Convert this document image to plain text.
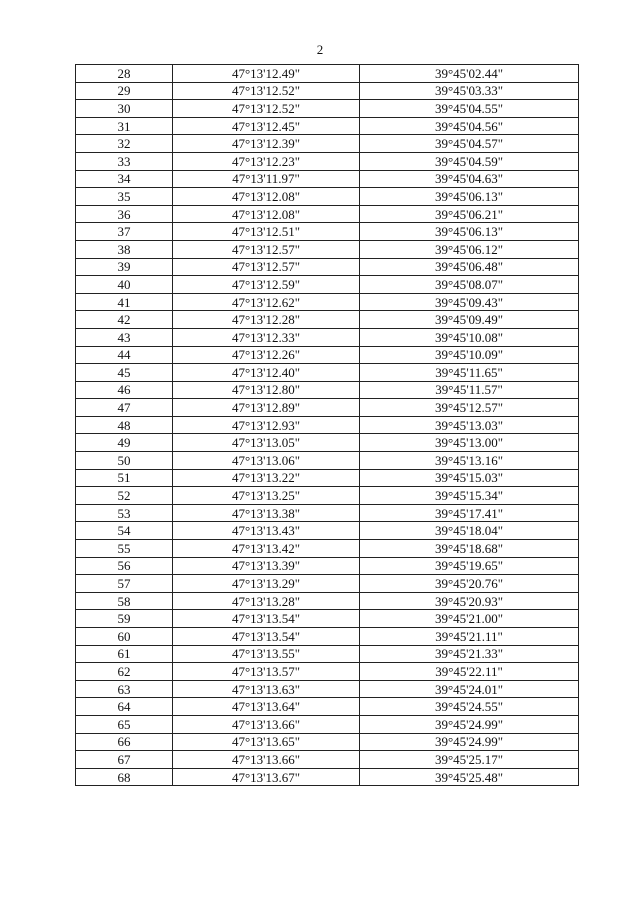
2
28	47°13'12.49"	39°45'02.44"
29	47°13'12.52"	39°45'03.33"
30	47°13'12.52"	39°45'04.55"
31	47°13'12.45"	39°45'04.56"
32	47°13'12.39"	39°45'04.57"
33	47°13'12.23"	39°45'04.59"
34	47°13'11.97"	39°45'04.63"
35	47°13'12.08"	39°45'06.13"
36	47°13'12.08"	39°45'06.21"
37	47°13'12.51"	39°45'06.13"
38	47°13'12.57"	39°45'06.12"
39	47°13'12.57"	39°45'06.48"
40	47°13'12.59"	39°45'08.07"
41	47°13'12.62"	39°45'09.43"
42	47°13'12.28"	39°45'09.49"
43	47°13'12.33"	39°45'10.08"
44	47°13'12.26"	39°45'10.09"
45	47°13'12.40"	39°45'11.65"
46	47°13'12.80"	39°45'11.57"
47	47°13'12.89"	39°45'12.57"
48	47°13'12.93"	39°45'13.03"
49	47°13'13.05"	39°45'13.00"
50	47°13'13.06"	39°45'13.16"
51	47°13'13.22"	39°45'15.03"
52	47°13'13.25"	39°45'15.34"
53	47°13'13.38"	39°45'17.41"
54	47°13'13.43"	39°45'18.04"
55	47°13'13.42"	39°45'18.68"
56	47°13'13.39"	39°45'19.65"
57	47°13'13.29"	39°45'20.76"
58	47°13'13.28"	39°45'20.93"
59	47°13'13.54"	39°45'21.00"
60	47°13'13.54"	39°45'21.11"
61	47°13'13.55"	39°45'21.33"
62	47°13'13.57"	39°45'22.11"
63	47°13'13.63"	39°45'24.01"
64	47°13'13.64"	39°45'24.55"
65	47°13'13.66"	39°45'24.99"
66	47°13'13.65"	39°45'24.99"
67	47°13'13.66"	39°45'25.17"
68	47°13'13.67"	39°45'25.48"
